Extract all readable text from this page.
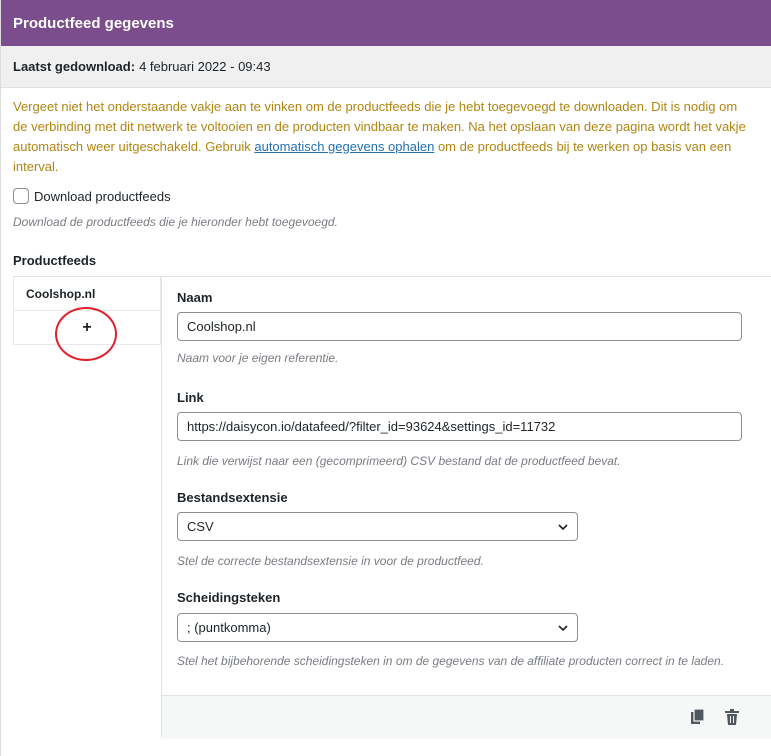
Productfeed gegevens
Laatst gedownload: 4 februari 2022 - 09:43
Vergeet niet het onderstaande vakje aan te vinken om de productfeeds die je hebt toegevoegd te downloaden. Dit is nodig om de verbinding met dit netwerk te voltooien en de producten vindbaar te maken. Na het opslaan van deze pagina wordt het vakje automatisch weer uitgeschakeld. Gebruik automatisch gegevens ophalen om de productfeeds bij te werken op basis van een interval.
Download productfeeds
Download de productfeeds die je hieronder hebt toegevoegd.
Productfeeds
Coolshop.nl
+
Naam
Coolshop.nl
Naam voor je eigen referentie.
Link
https://daisycon.io/datafeed/?filter_id=93624&settings_id=11732
Link die verwijst naar een (gecomprimeerd) CSV bestand dat de productfeed bevat.
Bestandsextensie
CSV
Stel de correcte bestandsextensie in voor de productfeed.
Scheidingsteken
; (puntkomma)
Stel het bijbehorende scheidingsteken in om de gegevens van de affiliate producten correct in te laden.
